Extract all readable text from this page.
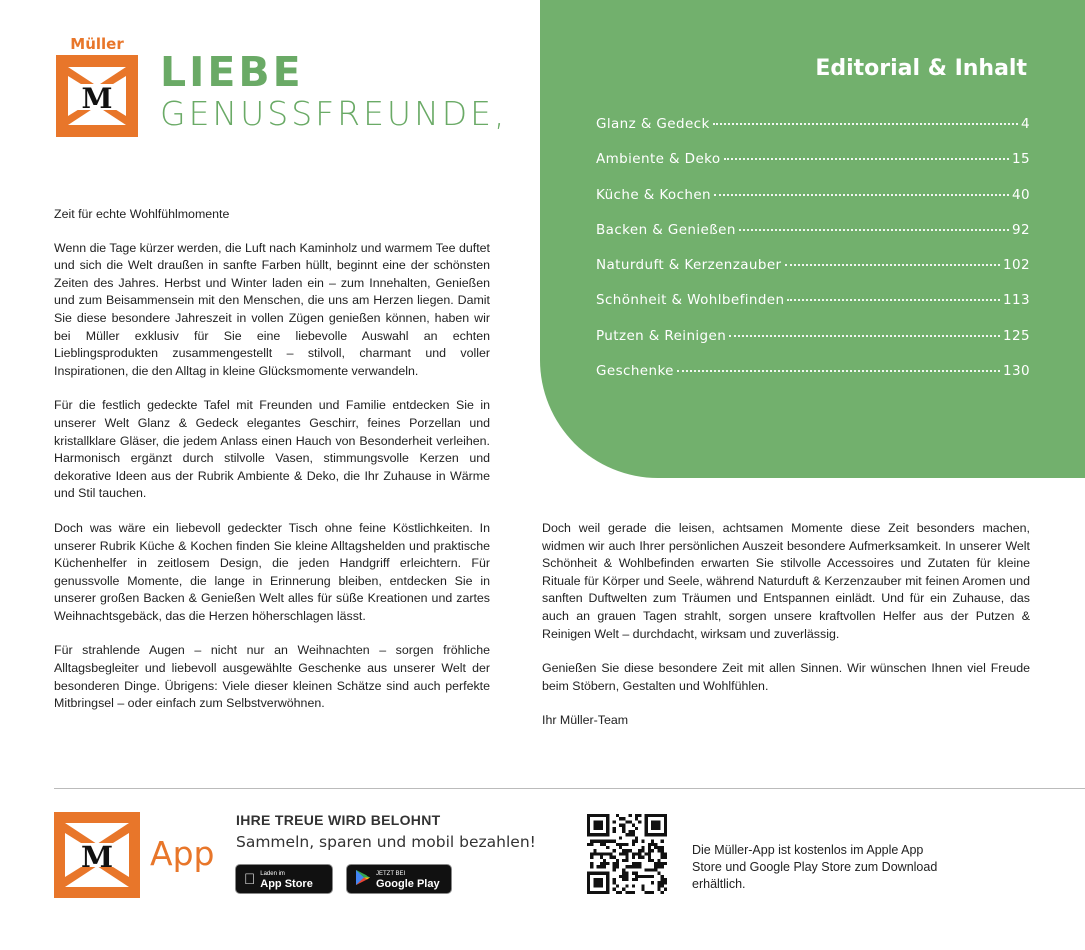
Müller
M
LIEBE
GENUSSFREUNDE,
Editorial & Inhalt
Glanz & Gedeck	4
Ambiente & Deko	15
Küche & Kochen	40
Backen & Genießen	92
Naturduft & Kerzenzauber	102
Schönheit & Wohlbefinden	113
Putzen & Reinigen	125
Geschenke	130

Zeit für echte Wohlfühlmomente

Wenn die Tage kürzer werden, die Luft nach Kaminholz und warmem Tee duftet und sich die Welt draußen in sanfte Farben hüllt, beginnt eine der schönsten Zeiten des Jahres. Herbst und Winter laden ein – zum Innehalten, Genießen und zum Beisammensein mit den Menschen, die uns am Herzen liegen. Damit Sie diese besondere Jahreszeit in vollen Zügen genießen können, haben wir bei Müller exklusiv für Sie eine liebevolle Auswahl an echten Lieblingsprodukten zusammengestellt – stilvoll, charmant und voller Inspirationen, die den Alltag in kleine Glücksmomente verwandeln.

Für die festlich gedeckte Tafel mit Freunden und Familie entdecken Sie in unserer Welt Glanz & Gedeck elegantes Geschirr, feines Porzellan und kristallklare Gläser, die jedem Anlass einen Hauch von Besonderheit verleihen. Harmonisch ergänzt durch stilvolle Vasen, stimmungsvolle Kerzen und dekorative Ideen aus der Rubrik Ambiente & Deko, die Ihr Zuhause in Wärme und Stil tauchen.

Doch was wäre ein liebevoll gedeckter Tisch ohne feine Köstlichkeiten. In unserer Rubrik Küche & Kochen finden Sie kleine Alltagshelden und praktische Küchenhelfer in zeitlosem Design, die jeden Handgriff erleichtern. Für genussvolle Momente, die lange in Erinnerung bleiben, entdecken Sie in unserer großen Backen & Genießen Welt alles für süße Kreationen und zartes Weihnachtsgebäck, das die Herzen höherschlagen lässt.

Für strahlende Augen – nicht nur an Weihnachten – sorgen fröhliche Alltagsbegleiter und liebevoll ausgewählte Geschenke aus unserer Welt der besonderen Dinge. Übrigens: Viele dieser kleinen Schätze sind auch perfekte Mitbringsel – oder einfach zum Selbstverwöhnen.

Doch weil gerade die leisen, achtsamen Momente diese Zeit besonders machen, widmen wir auch Ihrer persönlichen Auszeit besondere Aufmerksamkeit. In unserer Welt Schönheit & Wohlbefinden erwarten Sie stilvolle Accessoires und Zutaten für kleine Rituale für Körper und Seele, während Naturduft & Kerzenzauber mit feinen Aromen und sanften Duftwelten zum Träumen und Entspannen einlädt. Und für ein Zuhause, das auch an grauen Tagen strahlt, sorgen unsere kraftvollen Helfer aus der Putzen & Reinigen Welt – durchdacht, wirksam und zuverlässig.

Genießen Sie diese besondere Zeit mit allen Sinnen. Wir wünschen Ihnen viel Freude beim Stöbern, Gestalten und Wohlfühlen.

Ihr Müller-Team

M App
IHRE TREUE WIRD BELOHNT
Sammeln, sparen und mobil bezahlen!
Laden im
App Store
JETZT BEI
Google Play
Die Müller-App ist kostenlos im Apple App Store und Google Play Store zum Download erhältlich.
